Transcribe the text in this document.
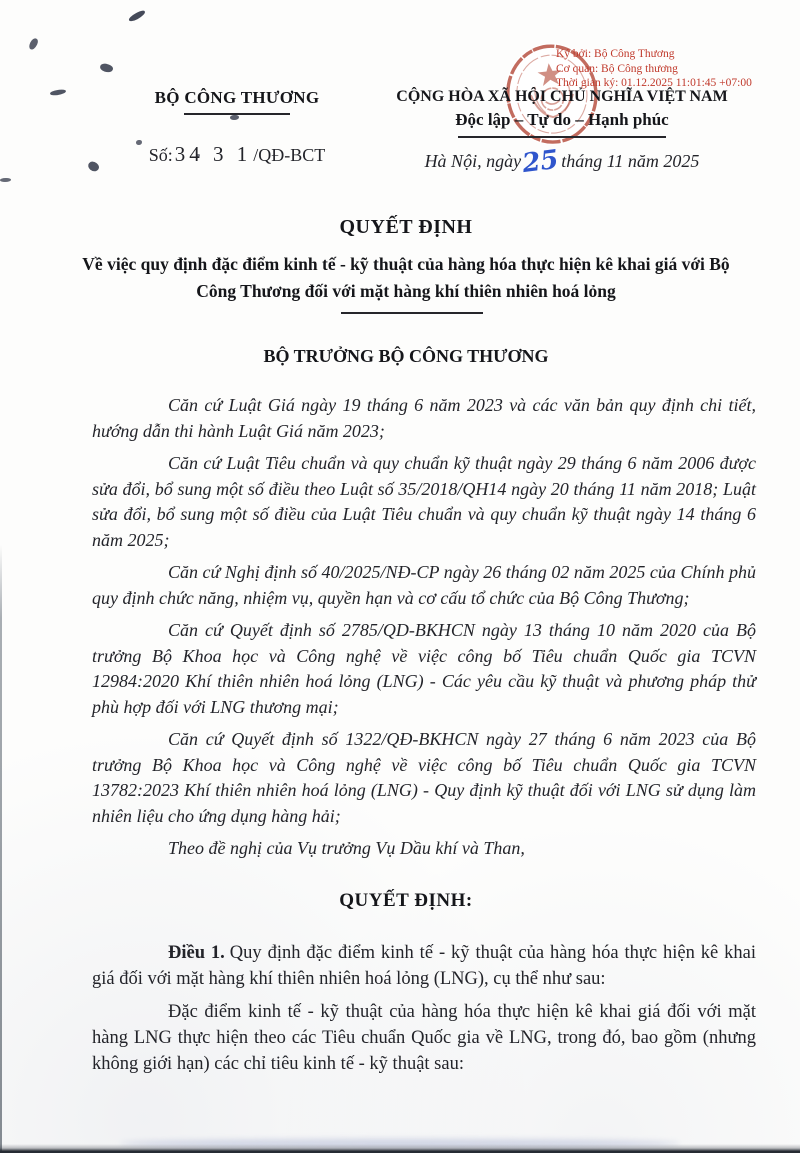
Ký bởi: Bộ Công Thương
Cơ quan: Bộ Công thương
Thời gian ký: 01.12.2025 11:01:45 +07:00
BỘ CÔNG THƯƠNG
Số:34 3 1 /QĐ-BCT
CỘNG HÒA XÃ HỘI CHỦ NGHĨA VIỆT NAM
Độc lập – Tự do – Hạnh phúc
Hà Nội, ngày25tháng 11 năm 2025
QUYẾT ĐỊNH
Về việc quy định đặc điểm kinh tế - kỹ thuật của hàng hóa thực hiện kê khai giá với Bộ Công Thương đối với mặt hàng khí thiên nhiên hoá lỏng
BỘ TRƯỞNG BỘ CÔNG THƯƠNG

Căn cứ Luật Giá ngày 19 tháng 6 năm 2023 và các văn bản quy định chi tiết, hướng dẫn thi hành Luật Giá năm 2023;

Căn cứ Luật Tiêu chuẩn và quy chuẩn kỹ thuật ngày 29 tháng 6 năm 2006 được sửa đổi, bổ sung một số điều theo Luật số 35/2018/QH14 ngày 20 tháng 11 năm 2018; Luật sửa đổi, bổ sung một số điều của Luật Tiêu chuẩn và quy chuẩn kỹ thuật ngày 14 tháng 6 năm 2025;

Căn cứ Nghị định số 40/2025/NĐ-CP ngày 26 tháng 02 năm 2025 của Chính phủ quy định chức năng, nhiệm vụ, quyền hạn và cơ cấu tổ chức của Bộ Công Thương;

Căn cứ Quyết định số 2785/QD-BKHCN ngày 13 tháng 10 năm 2020 của Bộ trưởng Bộ Khoa học và Công nghệ về việc công bố Tiêu chuẩn Quốc gia TCVN 12984:2020 Khí thiên nhiên hoá lỏng (LNG) - Các yêu cầu kỹ thuật và phương pháp thử phù hợp đối với LNG thương mại;

Căn cứ Quyết định số 1322/QĐ-BKHCN ngày 27 tháng 6 năm 2023 của Bộ trưởng Bộ Khoa học và Công nghệ về việc công bố Tiêu chuẩn Quốc gia TCVN 13782:2023 Khí thiên nhiên hoá lỏng (LNG) - Quy định kỹ thuật đối với LNG sử dụng làm nhiên liệu cho ứng dụng hàng hải;

Theo đề nghị của Vụ trưởng Vụ Dầu khí và Than,

QUYẾT ĐỊNH:

Điều 1. Quy định đặc điểm kinh tế - kỹ thuật của hàng hóa thực hiện kê khai giá đối với mặt hàng khí thiên nhiên hoá lỏng (LNG), cụ thể như sau:

Đặc điểm kinh tế - kỹ thuật của hàng hóa thực hiện kê khai giá đối với mặt hàng LNG thực hiện theo các Tiêu chuẩn Quốc gia về LNG, trong đó, bao gồm (nhưng không giới hạn) các chỉ tiêu kinh tế - kỹ thuật sau:
